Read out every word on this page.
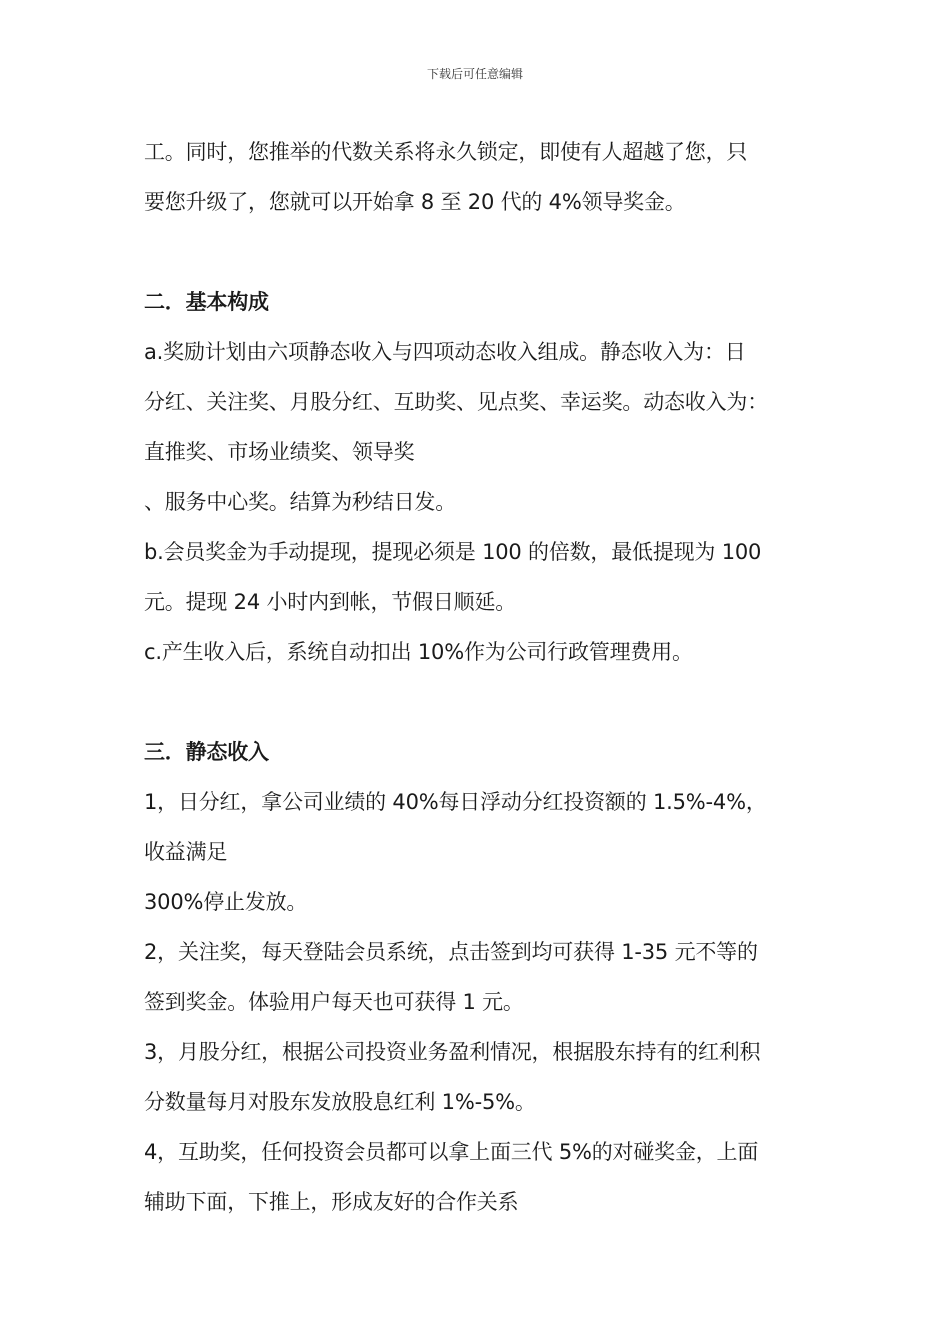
下载后可任意编辑
工。同时，您推举的代数关系将永久锁定，即使有人超越了您，只
要您升级了，您就可以开始拿 8 至 20 代的 4%领导奖金。
二．基本构成
a.奖励计划由六项静态收入与四项动态收入组成。静态收入为：日
分红、关注奖、月股分红、互助奖、见点奖、幸运奖。动态收入为：
直推奖、市场业绩奖、领导奖
、服务中心奖。结算为秒结日发。
b.会员奖金为手动提现，提现必须是 100 的倍数，最低提现为 100
元。提现 24 小时内到帐，节假日顺延。
c.产生收入后，系统自动扣出 10%作为公司行政管理费用。
三．静态收入
1，日分红，拿公司业绩的 40%每日浮动分红投资额的 1.5%-4%，
收益满足
300%停止发放。
2，关注奖，每天登陆会员系统，点击签到均可获得 1-35 元不等的
签到奖金。体验用户每天也可获得 1 元。
3，月股分红，根据公司投资业务盈利情况，根据股东持有的红利积
分数量每月对股东发放股息红利 1%-5%。
4，互助奖，任何投资会员都可以拿上面三代 5%的对碰奖金，上面
辅助下面，下推上，形成友好的合作关系
